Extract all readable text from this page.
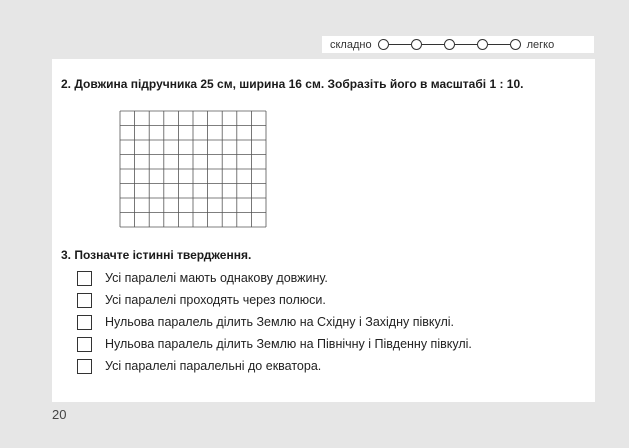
складно	легко
2. Довжина підручника 25 см, ширина 16 см. Зобразіть його в масштабі 1 : 10.
3. Позначте істинні твердження.
Усі паралелі мають однакову довжину.
Усі паралелі проходять через полюси.
Нульова паралель ділить Землю на Східну і Західну півкулі.
Нульова паралель ділить Землю на Північну і Південну півкулі.
Усі паралелі паралельні до екватора.
20
